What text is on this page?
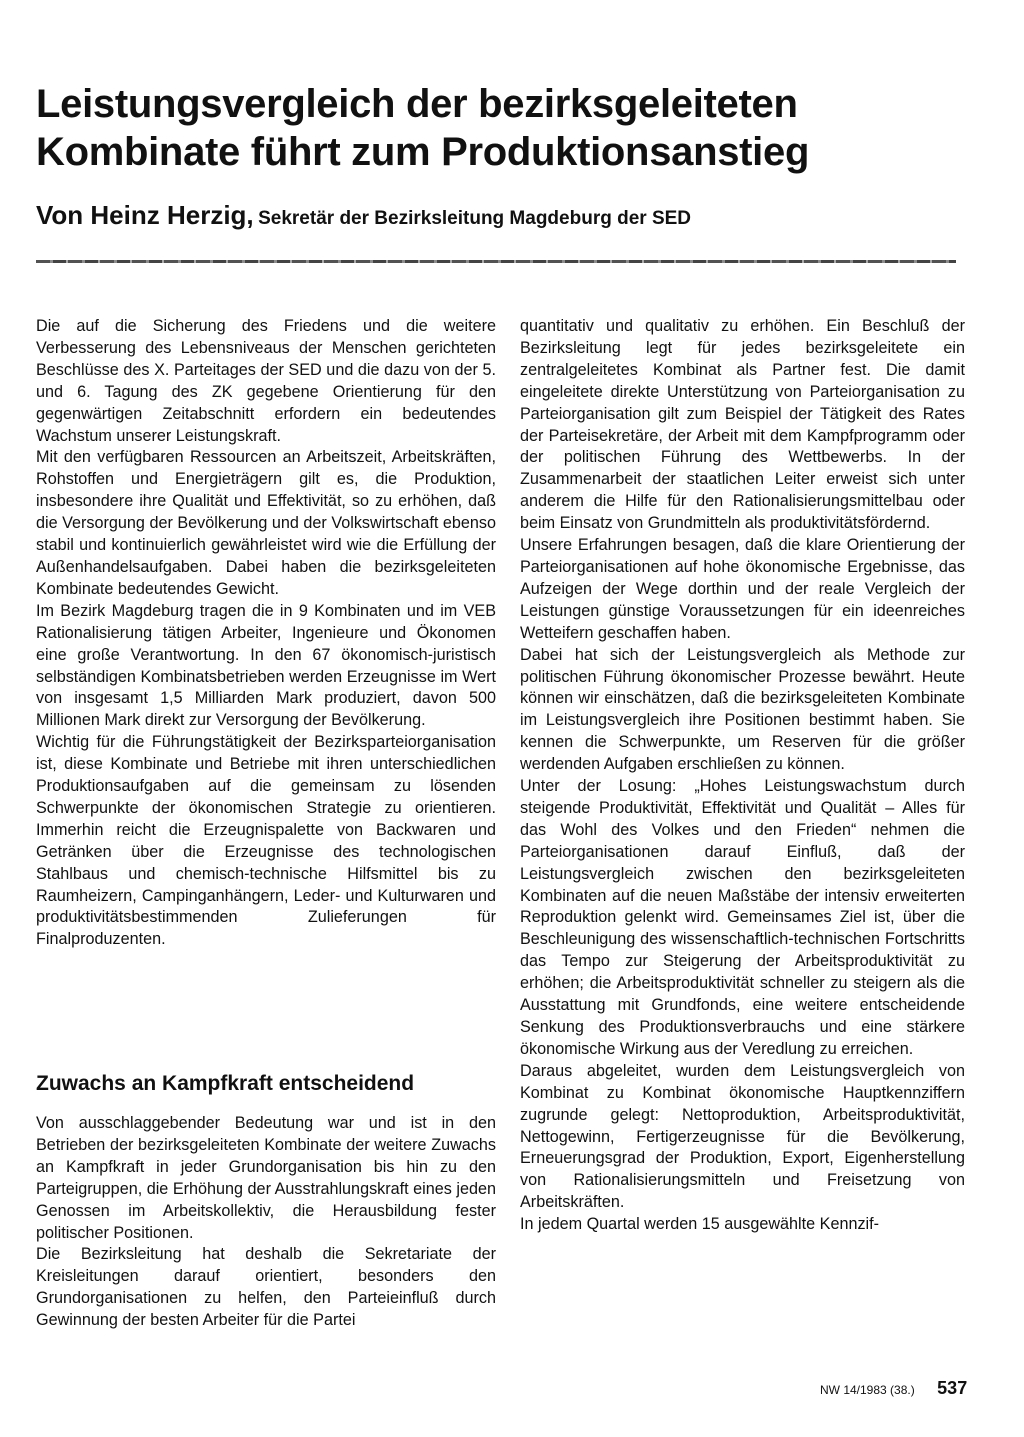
Leistungsvergleich der bezirksgeleiteten
Kombinate führt zum Produktionsanstieg
Von Heinz Herzig, Sekretär der Bezirksleitung Magdeburg der SED

Die auf die Sicherung des Friedens und die weitere Verbesserung des Lebensniveaus der Menschen gerichteten Beschlüsse des X. Parteitages der SED und die dazu von der 5. und 6. Tagung des ZK gegebene Orientierung für den gegenwärtigen Zeitabschnitt erfordern ein bedeutendes Wachstum unserer Leistungskraft.

Mit den verfügbaren Ressourcen an Arbeitszeit, Arbeitskräften, Rohstoffen und Energieträgern gilt es, die Produktion, insbesondere ihre Qualität und Effektivität, so zu erhöhen, daß die Versorgung der Bevölkerung und der Volkswirtschaft ebenso stabil und kontinuierlich gewährleistet wird wie die Erfüllung der Außenhandelsaufgaben. Dabei haben die bezirksgeleiteten Kombinate bedeutendes Gewicht.

Im Bezirk Magdeburg tragen die in 9 Kombinaten und im VEB Rationalisierung tätigen Arbeiter, Ingenieure und Ökonomen eine große Verantwortung. In den 67 ökonomisch-juristisch selbständigen Kombinatsbetrieben werden Erzeugnisse im Wert von insgesamt 1,5 Milliarden Mark produziert, davon 500 Millionen Mark direkt zur Versorgung der Bevölkerung.

Wichtig für die Führungstätigkeit der Bezirksparteiorganisation ist, diese Kombinate und Betriebe mit ihren unterschiedlichen Produktionsaufgaben auf die gemeinsam zu lösenden Schwerpunkte der ökonomischen Strategie zu orientieren. Immerhin reicht die Erzeugnispalette von Backwaren und Getränken über die Erzeugnisse des technologischen Stahlbaus und chemisch-technische Hilfsmittel bis zu Raumheizern, Campinganhängern, Leder- und Kulturwaren und produktivitätsbestimmenden Zulieferungen für Finalproduzenten.

Zuwachs an Kampfkraft entscheidend

Von ausschlaggebender Bedeutung war und ist in den Betrieben der bezirksgeleiteten Kombinate der weitere Zuwachs an Kampfkraft in jeder Grundorganisation bis hin zu den Parteigruppen, die Erhöhung der Ausstrahlungskraft eines jeden Genossen im Arbeitskollektiv, die Herausbildung fester politischer Positionen.

Die Bezirksleitung hat deshalb die Sekretariate der Kreisleitungen darauf orientiert, besonders den Grundorganisationen zu helfen, den Parteieinfluß durch Gewinnung der besten Arbeiter für die Partei

quantitativ und qualitativ zu erhöhen. Ein Beschluß der Bezirksleitung legt für jedes bezirksgeleitete ein zentralgeleitetes Kombinat als Partner fest. Die damit eingeleitete direkte Unterstützung von Parteiorganisation zu Parteiorganisation gilt zum Beispiel der Tätigkeit des Rates der Parteisekretäre, der Arbeit mit dem Kampfprogramm oder der politischen Führung des Wettbewerbs. In der Zusammenarbeit der staatlichen Leiter erweist sich unter anderem die Hilfe für den Rationalisierungsmittelbau oder beim Einsatz von Grundmitteln als produktivitätsfördernd.

Unsere Erfahrungen besagen, daß die klare Orientierung der Parteiorganisationen auf hohe ökonomische Ergebnisse, das Aufzeigen der Wege dorthin und der reale Vergleich der Leistungen günstige Voraussetzungen für ein ideenreiches Wetteifern geschaffen haben.

Dabei hat sich der Leistungsvergleich als Methode zur politischen Führung ökonomischer Prozesse bewährt. Heute können wir einschätzen, daß die bezirksgeleiteten Kombinate im Leistungsvergleich ihre Positionen bestimmt haben. Sie kennen die Schwerpunkte, um Reserven für die größer werdenden Aufgaben erschließen zu können.

Unter der Losung: „Hohes Leistungswachstum durch steigende Produktivität, Effektivität und Qualität – Alles für das Wohl des Volkes und den Frieden“ nehmen die Parteiorganisationen darauf Einfluß, daß der Leistungsvergleich zwischen den bezirksgeleiteten Kombinaten auf die neuen Maßstäbe der intensiv erweiterten Reproduktion gelenkt wird. Gemeinsames Ziel ist, über die Beschleunigung des wissenschaftlich-technischen Fortschritts das Tempo zur Steigerung der Arbeitsproduktivität zu erhöhen; die Arbeitsproduktivität schneller zu steigern als die Ausstattung mit Grundfonds, eine weitere entscheidende Senkung des Produktionsverbrauchs und eine stärkere ökonomische Wirkung aus der Veredlung zu erreichen.

Daraus abgeleitet, wurden dem Leistungsvergleich von Kombinat zu Kombinat ökonomische Hauptkennziffern zugrunde gelegt: Nettoproduktion, Arbeitsproduktivität, Nettogewinn, Fertigerzeugnisse für die Bevölkerung, Erneuerungsgrad der Produktion, Export, Eigenherstellung von Rationalisierungsmitteln und Freisetzung von Arbeitskräften.

In jedem Quartal werden 15 ausgewählte Kennzif-

NW 14/1983 (38.) 537
